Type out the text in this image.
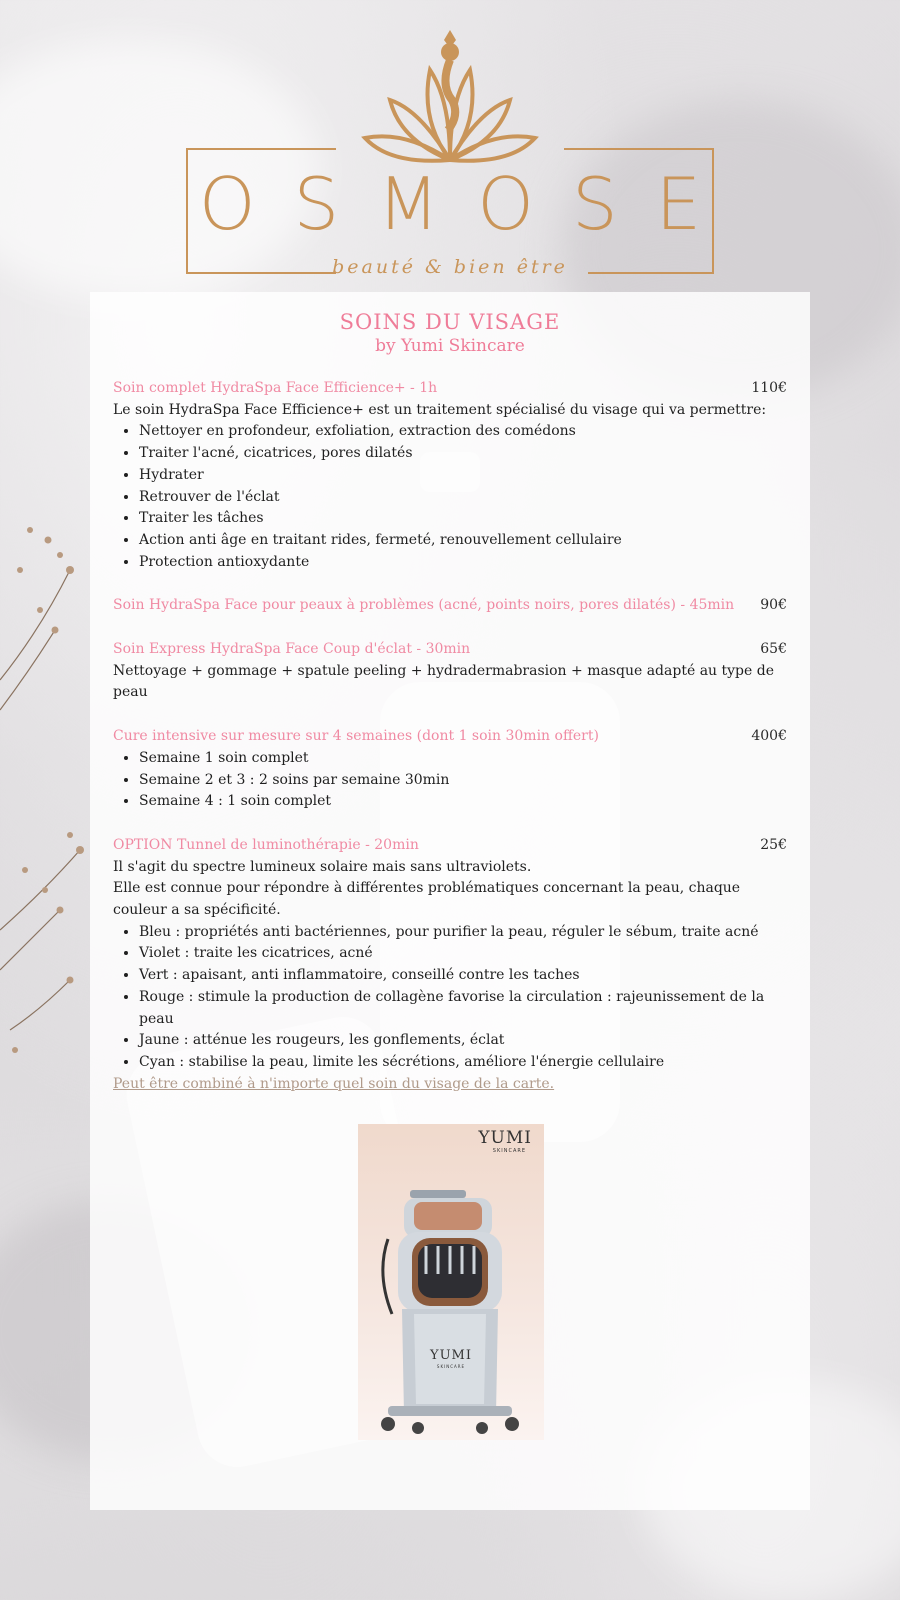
OSMOSE
beauté & bien être
SOINS DU VISAGE
by Yumi Skincare
Soin complet HydraSpa Face Efficience+ - 1h	110€
Le soin HydraSpa Face Efficience+ est un traitement spécialisé du visage qui va permettre:
• Nettoyer en profondeur, exfoliation, extraction des comédons
• Traiter l'acné, cicatrices, pores dilatés
• Hydrater
• Retrouver de l'éclat
• Traiter les tâches
• Action anti âge en traitant rides, fermeté, renouvellement cellulaire
• Protection antioxydante
Soin HydraSpa Face pour peaux à problèmes (acné, points noirs, pores dilatés) - 45min 90€
Soin Express HydraSpa Face Coup d'éclat - 30min	65€
Nettoyage + gommage + spatule peeling + hydradermabrasion + masque adapté au type de peau
Cure intensive sur mesure sur 4 semaines (dont 1 soin 30min offert)	400€
• Semaine 1 soin complet
• Semaine 2 et 3 : 2 soins par semaine 30min
• Semaine 4 : 1 soin complet
OPTION Tunnel de luminothérapie - 20min	25€
Il s'agit du spectre lumineux solaire mais sans ultraviolets.
Elle est connue pour répondre à différentes problématiques concernant la peau, chaque couleur a sa spécificité.
• Bleu : propriétés anti bactériennes, pour purifier la peau, réguler le sébum, traite acné
• Violet : traite les cicatrices, acné
• Vert : apaisant, anti inflammatoire, conseillé contre les taches
• Rouge : stimule la production de collagène favorise la circulation : rajeunissement de la peau
• Jaune : atténue les rougeurs, les gonflements, éclat
• Cyan : stabilise la peau, limite les sécrétions, améliore l'énergie cellulaire
Peut être combiné à n'importe quel soin du visage de la carte.
YUMI
SKINCARE
YUMI
SKINCARE
